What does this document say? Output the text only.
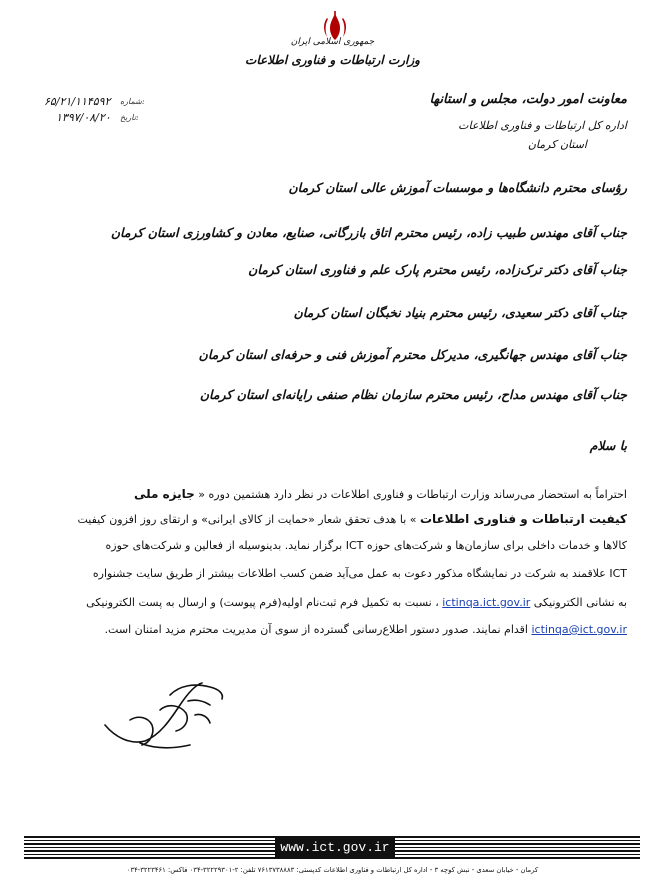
جمهوری اسلامی ایران
وزارت ارتباطات و فناوری اطلاعات
معاونت امور دولت، مجلس و استانها
اداره کل ارتباطات و فناوری اطلاعات
استان کرمان
شماره:
۶۵/۲۱/۱۱۴۵۹۲
تاریخ:
۱۳۹۷/۰۸/۲۰
رؤسای محترم دانشگاه‌ها و موسسات آموزش عالی استان کرمان
جناب آقای مهندس طبیب زاده، رئیس محترم اتاق بازرگانی، صنایع، معادن و کشاورزی استان کرمان
جناب آقای دکتر ترک‌زاده، رئیس محترم پارک علم و فناوری استان کرمان
جناب آقای دکتر سعیدی، رئیس محترم بنیاد نخبگان استان کرمان
جناب آقای مهندس جهانگیری، مدیرکل محترم آموزش فنی و حرفه‌ای استان کرمان
جناب آقای مهندس مداح، رئیس محترم سازمان نظام صنفی رایانه‌ای استان کرمان
با سلام
احتراماً به استحضار می‌رساند وزارت ارتباطات و فناوری اطلاعات در نظر دارد هشتمین دوره « جایزه ملی
کیفیت ارتباطات و فناوری اطلاعات » با هدف تحقق شعار «حمایت از کالای ایرانی» و ارتقای روز افزون کیفیت
کالاها و خدمات داخلی برای سازمان‌ها و شرکت‌های حوزه ICT برگزار نماید. بدینوسیله از فعالین و شرکت‌های حوزه
ICT علاقمند به شرکت در نمایشگاه مذکور دعوت به عمل می‌آید ضمن کسب اطلاعات بیشتر از طریق سایت جشنواره
به نشانی الکترونیکی ictinqa.ict.gov.ir ، نسبت به تکمیل فرم ثبت‌نام اولیه(فرم پیوست) و ارسال به پست الکترونیکی
ictinqa@ict.gov.ir اقدام نمایند. صدور دستور اطلاع‌رسانی گسترده از سوی آن مدیریت محترم مزید امتنان است.
www.ict.gov.ir
کرمان - خیابان سعدی - نبش کوچه ۳ - اداره کل ارتباطات و فناوری اطلاعات کدپستی: ۷۶۱۳۷۳۸۸۸۳ تلفن: ۲-۳۲۲۲۹۳۰۱-۰۳۴ فاکس: ۳۲۲۳۴۶۱-۰۳۴
